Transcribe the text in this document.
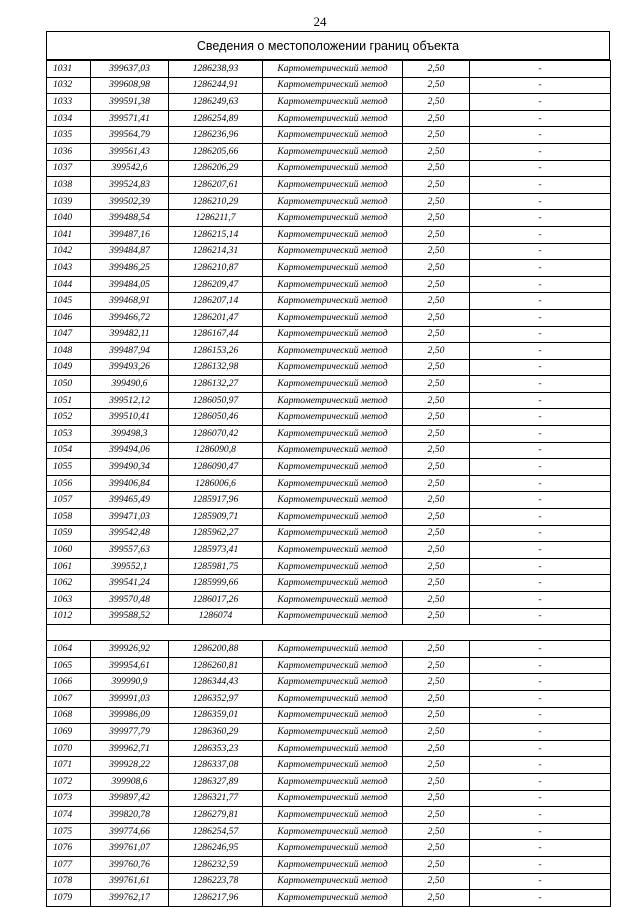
24
Сведения о местоположении границ объекта
1031	399637,03	1286238,93	Картометрический метод	2,50	-
1032	399608,98	1286244,91	Картометрический метод	2,50	-
1033	399591,38	1286249,63	Картометрический метод	2,50	-
1034	399571,41	1286254,89	Картометрический метод	2,50	-
1035	399564,79	1286236,96	Картометрический метод	2,50	-
1036	399561,43	1286205,66	Картометрический метод	2,50	-
1037	399542,6	1286206,29	Картометрический метод	2,50	-
1038	399524,83	1286207,61	Картометрический метод	2,50	-
1039	399502,39	1286210,29	Картометрический метод	2,50	-
1040	399488,54	1286211,7	Картометрический метод	2,50	-
1041	399487,16	1286215,14	Картометрический метод	2,50	-
1042	399484,87	1286214,31	Картометрический метод	2,50	-
1043	399486,25	1286210,87	Картометрический метод	2,50	-
1044	399484,05	1286209,47	Картометрический метод	2,50	-
1045	399468,91	1286207,14	Картометрический метод	2,50	-
1046	399466,72	1286201,47	Картометрический метод	2,50	-
1047	399482,11	1286167,44	Картометрический метод	2,50	-
1048	399487,94	1286153,26	Картометрический метод	2,50	-
1049	399493,26	1286132,98	Картометрический метод	2,50	-
1050	399490,6	1286132,27	Картометрический метод	2,50	-
1051	399512,12	1286050,97	Картометрический метод	2,50	-
1052	399510,41	1286050,46	Картометрический метод	2,50	-
1053	399498,3	1286070,42	Картометрический метод	2,50	-
1054	399494,06	1286090,8	Картометрический метод	2,50	-
1055	399490,34	1286090,47	Картометрический метод	2,50	-
1056	399406,84	1286006,6	Картометрический метод	2,50	-
1057	399465,49	1285917,96	Картометрический метод	2,50	-
1058	399471,03	1285909,71	Картометрический метод	2,50	-
1059	399542,48	1285962,27	Картометрический метод	2,50	-
1060	399557,63	1285973,41	Картометрический метод	2,50	-
1061	399552,1	1285981,75	Картометрический метод	2,50	-
1062	399541,24	1285999,66	Картометрический метод	2,50	-
1063	399570,48	1286017,26	Картометрический метод	2,50	-
1012	399588,52	1286074	Картометрический метод	2,50	-

1064	399926,92	1286200,88	Картометрический метод	2,50	-
1065	399954,61	1286260,81	Картометрический метод	2,50	-
1066	399990,9	1286344,43	Картометрический метод	2,50	-
1067	399991,03	1286352,97	Картометрический метод	2,50	-
1068	399986,09	1286359,01	Картометрический метод	2,50	-
1069	399977,79	1286360,29	Картометрический метод	2,50	-
1070	399962,71	1286353,23	Картометрический метод	2,50	-
1071	399928,22	1286337,08	Картометрический метод	2,50	-
1072	399908,6	1286327,89	Картометрический метод	2,50	-
1073	399897,42	1286321,77	Картометрический метод	2,50	-
1074	399820,78	1286279,81	Картометрический метод	2,50	-
1075	399774,66	1286254,57	Картометрический метод	2,50	-
1076	399761,07	1286246,95	Картометрический метод	2,50	-
1077	399760,76	1286232,59	Картометрический метод	2,50	-
1078	399761,61	1286223,78	Картометрический метод	2,50	-
1079	399762,17	1286217,96	Картометрический метод	2,50	-
